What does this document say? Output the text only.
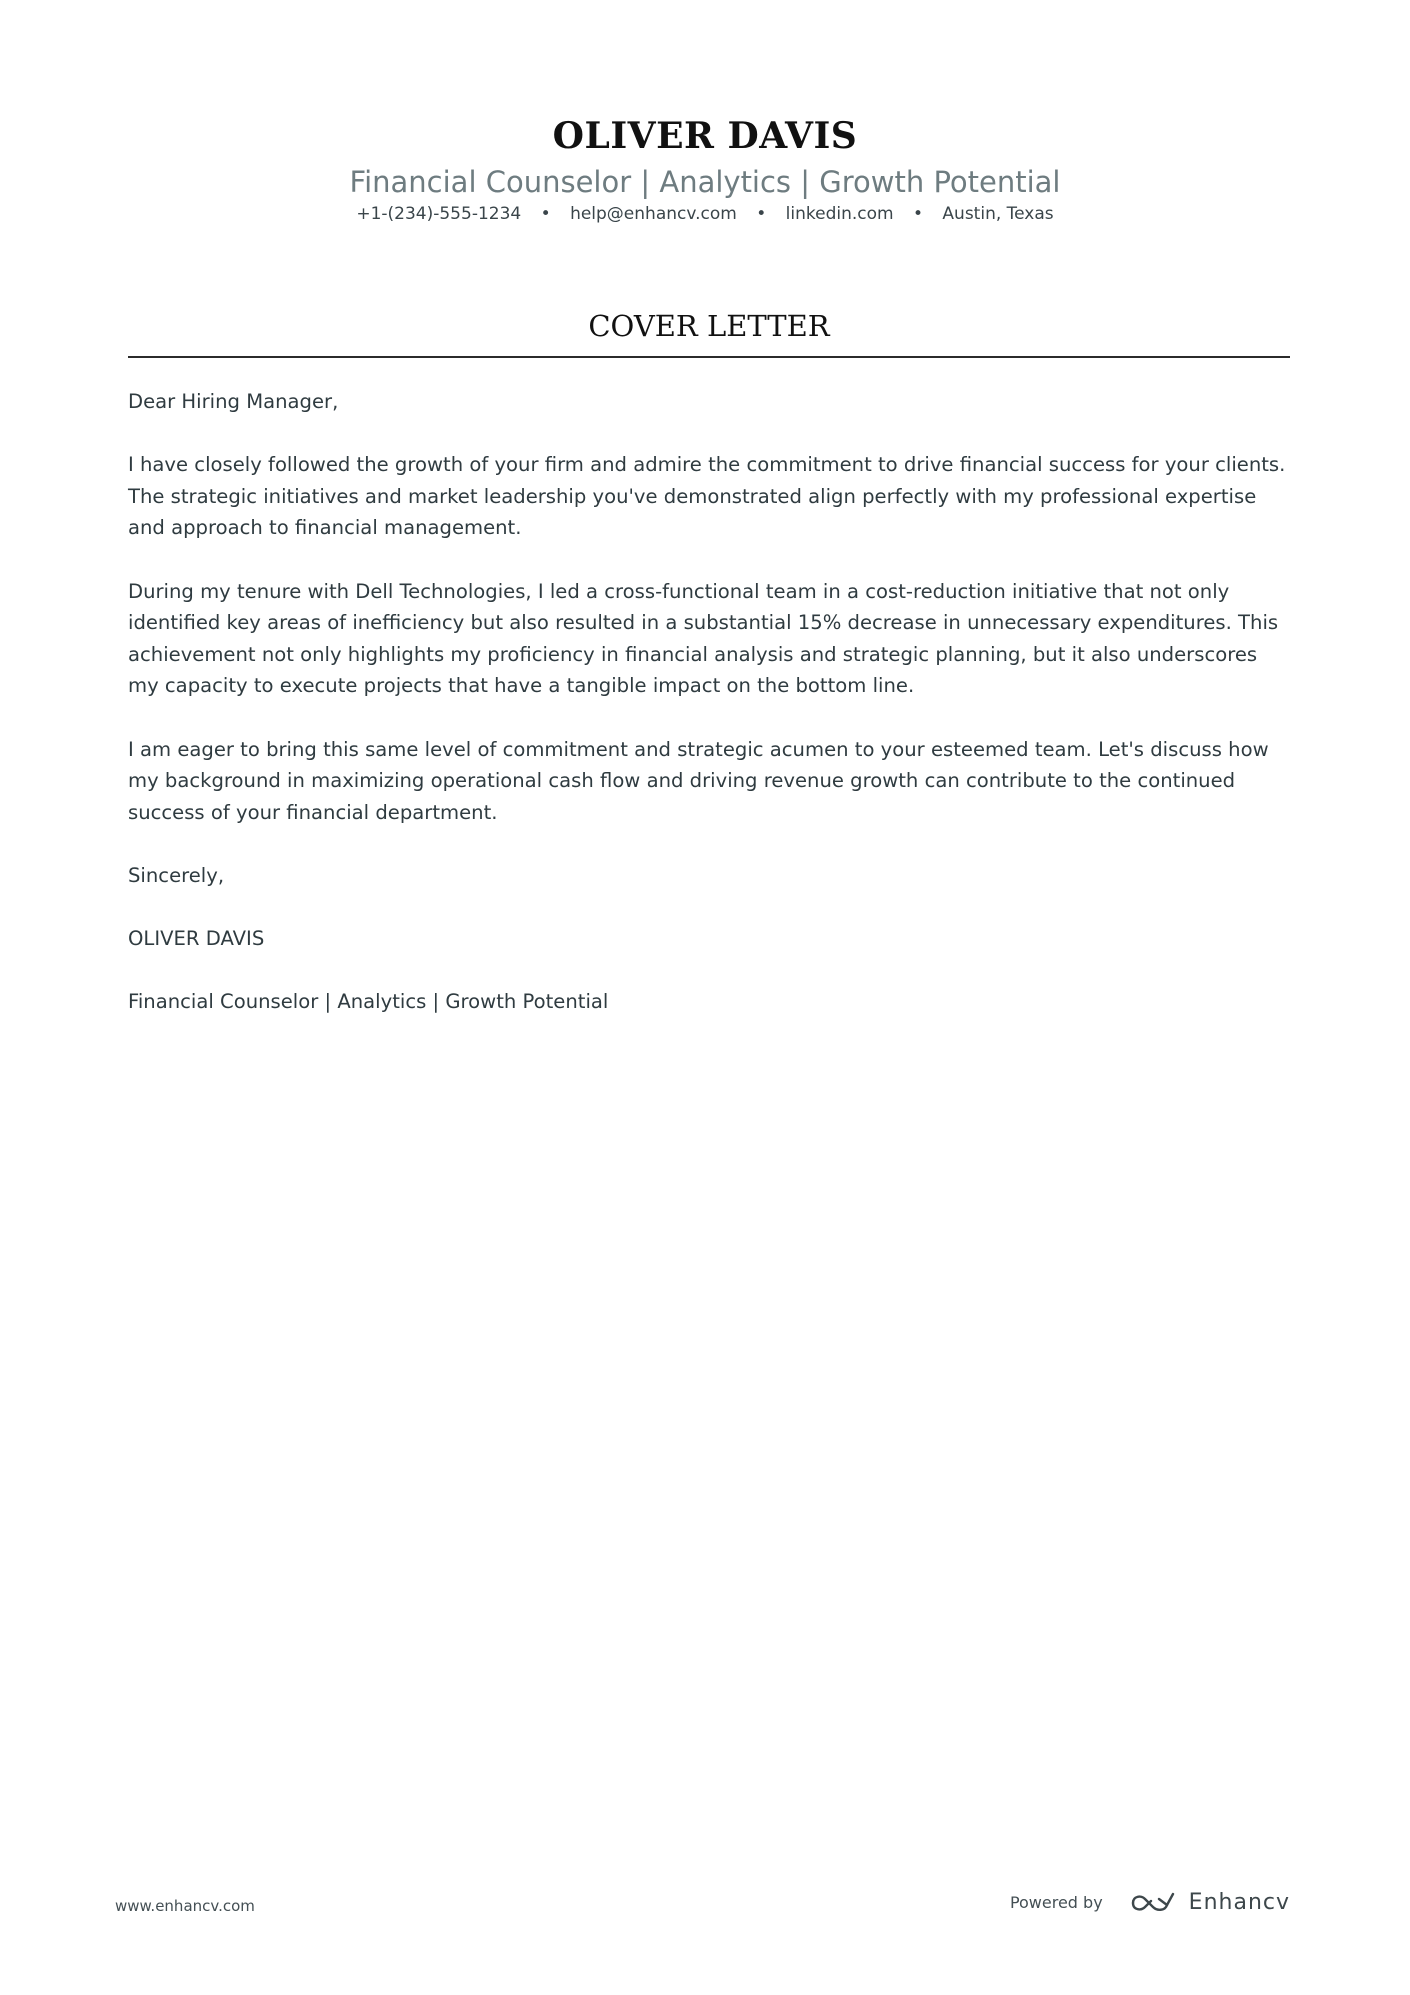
OLIVER DAVIS
Financial Counselor | Analytics | Growth Potential
+1-(234)-555-1234 • help@enhancv.com • linkedin.com • Austin, Texas
COVER LETTER

Dear Hiring Manager,

I have closely followed the growth of your firm and admire the commitment to drive financial success for your clients. The strategic initiatives and market leadership you've demonstrated align perfectly with my professional expertise and approach to financial management.

During my tenure with Dell Technologies, I led a cross-functional team in a cost-reduction initiative that not only identified key areas of inefficiency but also resulted in a substantial 15% decrease in unnecessary expenditures. This achievement not only highlights my proficiency in financial analysis and strategic planning, but it also underscores my capacity to execute projects that have a tangible impact on the bottom line.

I am eager to bring this same level of commitment and strategic acumen to your esteemed team. Let's discuss how my background in maximizing operational cash flow and driving revenue growth can contribute to the continued success of your financial department.

Sincerely,

OLIVER DAVIS

Financial Counselor | Analytics | Growth Potential

www.enhancv.com	Powered by	Enhancv
